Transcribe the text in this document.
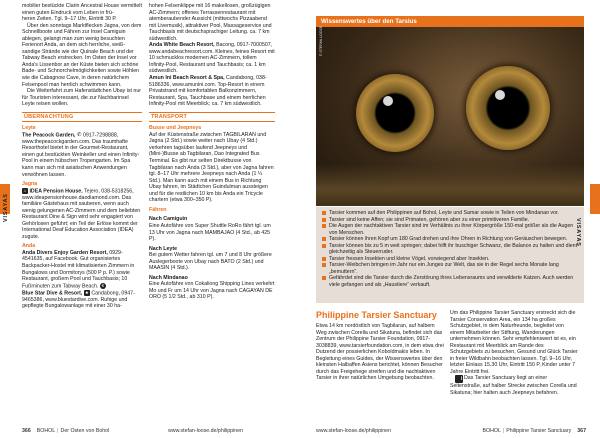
mobilier bestückte Clarin Ancestral House vermittelt einen guten Eindruck vom Leben in frü-

heren Zeiten. Tgl. 9–17 Uhr, Eintritt 30 P.

Über den sonntags Marktflecken Jagna, von dem Schnellboote und Fähren zur Insel Camiguin ablegen, gelangt man zum wenig besuchten Ferienort Anda, an dem sich herrliche, weiß-sandige Strände wie der Quinale Beach und der Tabway Beach erstrecken. Im Osten der Insel vor Anda's Lissenbor an der Küste bieten sich schöne Bade- und Schnorchelmöglichkeiten sowie Höhlen wie die Cabagnow Cave, in deren natürlichem Felsenpool man herrlich schwimmen kann.

Die Weiterfahrt zum Hafenstädtchen Ubay ist nur für Touristen interessant, die zur Nachbarinsel Leyte reisen wollen.

ÜBERNACHTUNG
Leyte

The Peacock Garden, ✆ 0917-7298888, www.thepeacockgarden.com. Das traumhafte Resorthotel bietet in der Gourmet-Restaurant, einen gut bestückten Weinkeller und einen Infinity-Pool in einem hübschen Tropengarten. Im Spa kann man sich mit asiatischen Anwendungen verwöhnen lassen.

Jagna

⌂ IDEA Pension House, Tejero, 038-5318256, www.ideapensionhouse.daodiamond.com. Das familiäre Gästehaus mit sauberen, wenn auch wenig gelungenen AC-Zimmern und dem beliebten Restaurant Dine & Sign wird sehr engagiert von Gehörlosen geführt; ein Teil der Erlöse kommt der International Deaf Education Association (IDEA) zugute.

Anda

Anda Divers Enjoy Garden Resort, 0929-4541635, auf Facebook. Gut organisiertes Backpacker-Hostel mit klimatisierten Zimmern in Bungalows und Dormitorys (500 P p. P.) sowie Restaurant, großem Pool und Tauchbasis; 10 Fußminuten zum Tabway Beach. €

Blue Star Dive & Resort, ★ Candabong, 0947-9465386, www.bluestardive.com. Ruhige und gepflegte Bungalowanlage mit einer 30 ha-

hohen Felsenklippe mit 16 makellosen, großzügigen AC-Zimmern; offenes Terrassenrestaurant mit atemberaubender Aussicht (mittwochs Pizzaabend mit Livemusik), attraktiver Pool, Massageservice und Tauchbasis mit deutschsprachiger Leitung. ca. 7 km südwestlich.

Anda White Beach Resort, Bacong, 0917-7000507, www.andabeachresort.com. Kleines, feines Resort mit 10 schmucklos modernen AC-Zimmern, tollem Infinity-Pool, Restaurant und Tauchbasis; ca. 1 km südwestlich.

Amun Ini Beach Resort & Spa, Candabong, 038-5186336, www.amunini.com. Top-Resort in einem Privatstrand mit komfortablen Balkonzimmern, Restaurant, Spa, Tauchbase und einem herrlichen Infinity-Pool mit Meerblick; ca. 7 km südwestlich.

TRANSPORT
Busse und Jeepneys

Auf der Küstenstraße zwischen TAGBILARAN und Jagna (2 Std.) sowie weiter nach Ubay (4 Std.) verkehren tagsüber laufend Jeepneys und (Mini-)Busse ab Tagbilaran, Dao Integrated Bus Terminal. Es gibt nur selten Direktbusse von Tagbilaran nach Anda (3 Std.), aber von Jagna fahren tgl. 8–17 Uhr mehrere Jeepneys nach Anda (1 ¼ Std.). Man kann auch mit einem Bus in Richtung Ubay fahren, im Städtchen Guindulman aussteigen und für die restlichen 10 km bis Anda ein Tricycle chartern (etwa 300–350 P).

Fähren
Nach Camiguin

Eine Autofähre von Super Shuttle RoRo fährt tgl. um 13 Uhr von Jagna nach MAMBAJAO (4 Std., ab 425 P).

Nach Leyte

Bei gutem Wetter fahren tgl. um 7 und 8 Uhr größere Auslegerboote von Ubay nach BATO (2 Std.) und MAASIN (4 Std.).

Nach Mindanao

Eine Autofähre von Cokaliong Shipping Lines verkehrt Mo und Fr um 14 Uhr von Jagna nach CAGAYAN DE ORO (5 1/2 Std., ab 310 P).

VISAYAS
366 BOHOL | Der Osten von Bohol	www.stefan-loose.de/philippinen
Wissenswertes über den Tarsius
© STEFAN LOOSE
Tarsier kommen auf den Philippinen auf Bohol, Leyte und Samar sowie in Teilen von Mindanao vor.
Tarsier sind keine Affen; sie sind Primaten, gehören aber zu einer primitiveren Familie.
Die Augen der nachtaktiven Tarsier sind im Verhältnis zu ihrer Körpergröße 150-mal größer als die Augen von Menschen.
Tarsier können ihren Kopf um 180 Grad drehen und ihre Ohren in Richtung von Geräuschen bewegen.
Tarsier können bis zu 5 m weit springen; dabei hilft ihr buschiger Schwanz, die Balance zu halten und dient gleichzeitig als Steuerruder.
Tarsier fressen Insekten und kleine Vögel, vorwiegend aber Insekten.
Tarsier-Weibchen bringen im Jahr nur ein Junges zur Welt, das sie in der Regel sechs Monate lang „bemuttern“.
Gefährdet sind die Tarsier durch die Zerstörung ihres Lebensraums und verwilderte Katzen. Auch werden viele gefangen und als „Haustiere“ verkauft.
Philippine Tarsier Sanctuary

Etwa 14 km nordöstlich von Tagbilaran, auf halbem Weg zwischen Corella und Sikatuna, befindet sich das Zentrum der Philippine Tarsier Foundation, 0917-3038839, www.tarsierfoundation.com, in dem etwa drei Dutzend der possierlichen Koboldmakis leben. In Begleitung eines Guides, der Wissenswertes über den kleinsten Halbaffen Asiens berichtet, können Besucher durch das Freigehege streifen und die nachtaktiven Tarsier in ihrer natürlichen Umgebung beobachten.

Um das Philippine Tarsier Sanctuary erstreckt sich die Tarsier Conservation Area, ein 134 ha großes Schutzgebiet, in dem Naturfreunde, begleitet von einem Mitarbeiter der Stiftung, Wanderungen unternehmen können. Sehr empfehlenswert ist es, ein Restaurant mit Meerblick am Rande des Schutzgebiets zu besuchen, Gesund und Glück Tarsier in freier Wildbahn beobachten lassen. Tgl. 9–16 Uhr, letzter Einlass 15.30 Uhr, Eintritt 150 P, Kinder unter 7 Jahre Eintritt frei.

i Das Tarsier Sanctuary liegt an einer Seitenstraße, auf halber Strecke zwischen Corella und Sikatuna; hier halten auch Jeepneys befahren.

VISAYAS
www.stefan-loose.de/philippinen	BOHOL | Philippine Tarsier Sanctuary 367
